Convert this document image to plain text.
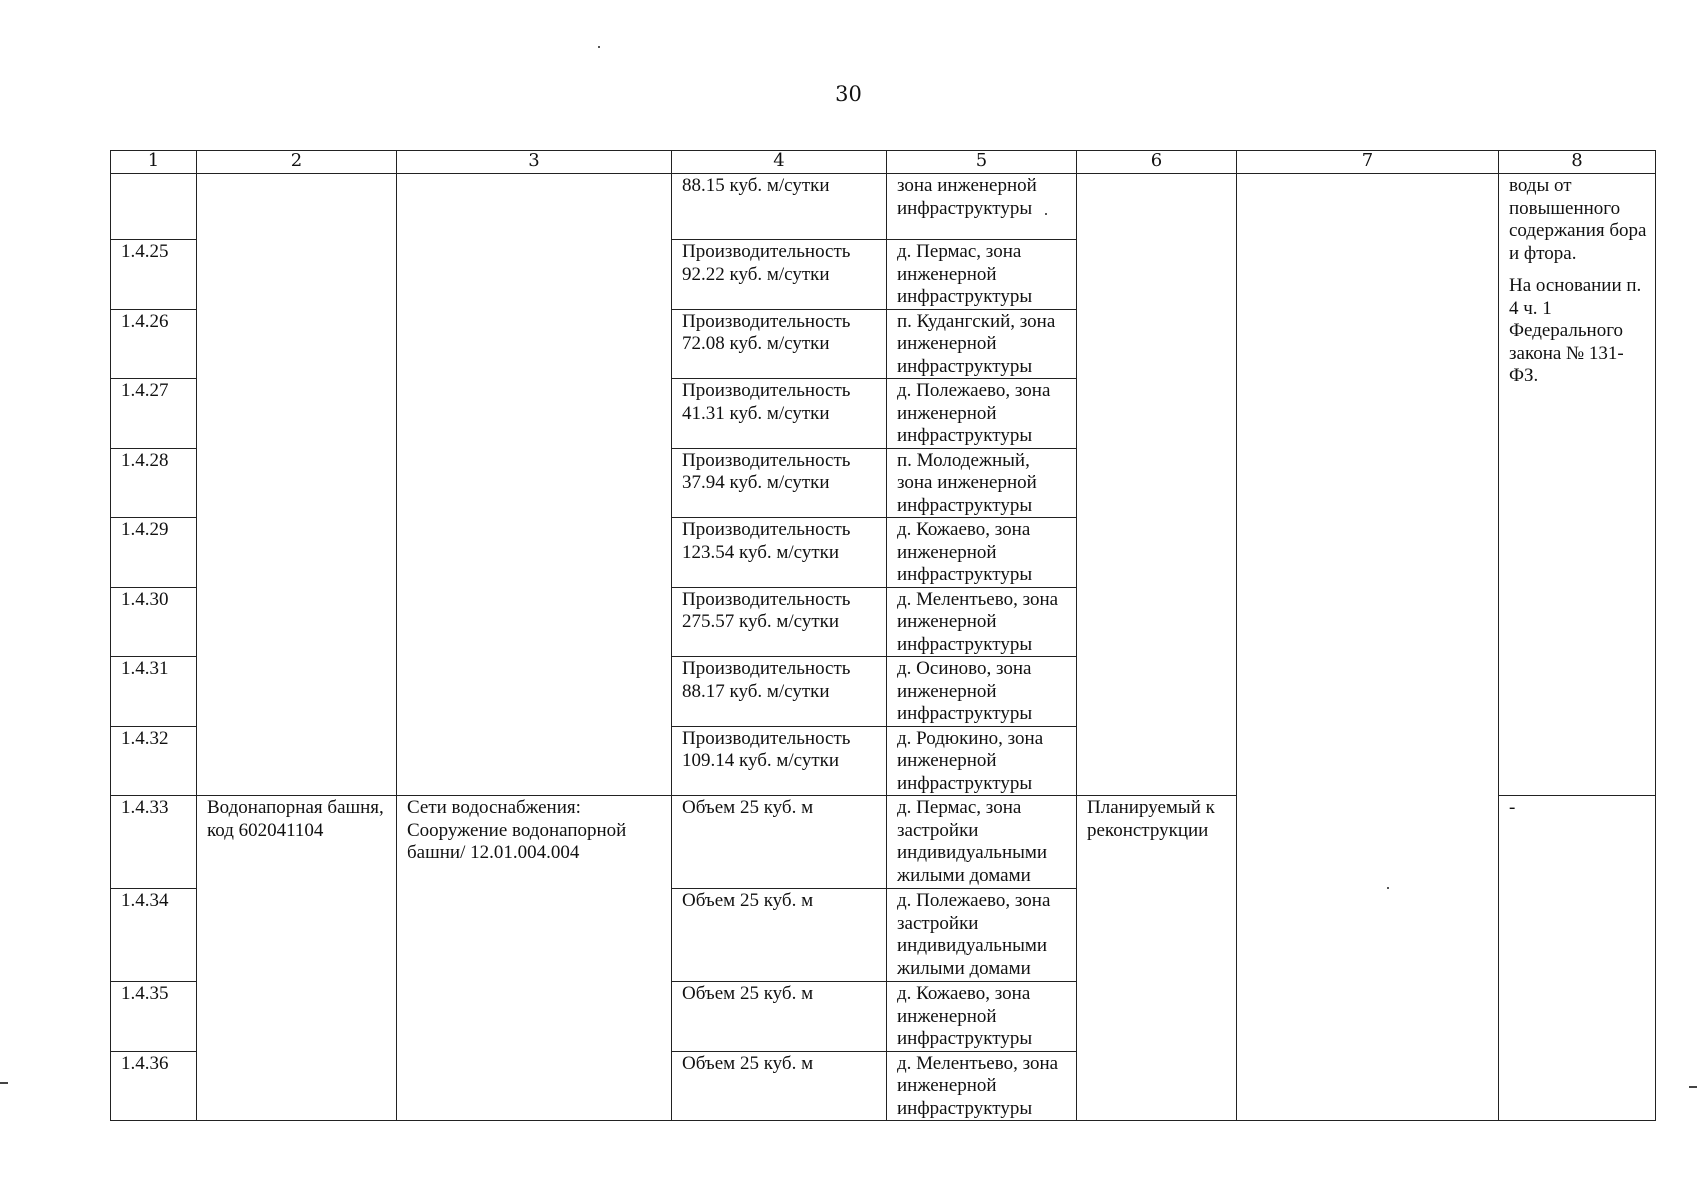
30
1	2	3	4	5	6	7	8
			88.15 куб. м/сутки	зона инженерной инфраструктуры			воды от повышенного содержания бора и фтора.

На основании п. 4 ч. 1 Федерального закона № 131-ФЗ.

1.4.25			Производительность 92.22 куб. м/сутки	д. Пермас, зона инженерной инфраструктуры			
1.4.26			Производительность 72.08 куб. м/сутки	п. Кудангский, зона инженерной инфраструктуры			
1.4.27			Производительность 41.31 куб. м/сутки	д. Полежаево, зона инженерной инфраструктуры			
1.4.28			Производительность 37.94 куб. м/сутки	п. Молодежный, зона инженерной инфраструктуры			
1.4.29			Производительность 123.54 куб. м/сутки	д. Кожаево, зона инженерной инфраструктуры			
1.4.30			Производительность 275.57 куб. м/сутки	д. Мелентьево, зона инженерной инфраструктуры			
1.4.31			Производительность 88.17 куб. м/сутки	д. Осиново, зона инженерной инфраструктуры			
1.4.32			Производительность 109.14 куб. м/сутки	д. Родюкино, зона инженерной инфраструктуры			
1.4.33	Водонапорная башня, код 602041104	Сети водоснабжения: Сооружение водонапорной башни/ 12.01.004.004	Объем 25 куб. м	д. Пермас, зона застройки индивидуальными жилыми домами	Планируемый к реконструкции		-
1.4.34			Объем 25 куб. м	д. Полежаево, зона застройки индивидуальными жилыми домами			
1.4.35			Объем 25 куб. м	д. Кожаево, зона инженерной инфраструктуры			
1.4.36			Объем 25 куб. м	д. Мелентьево, зона инженерной инфраструктуры			
